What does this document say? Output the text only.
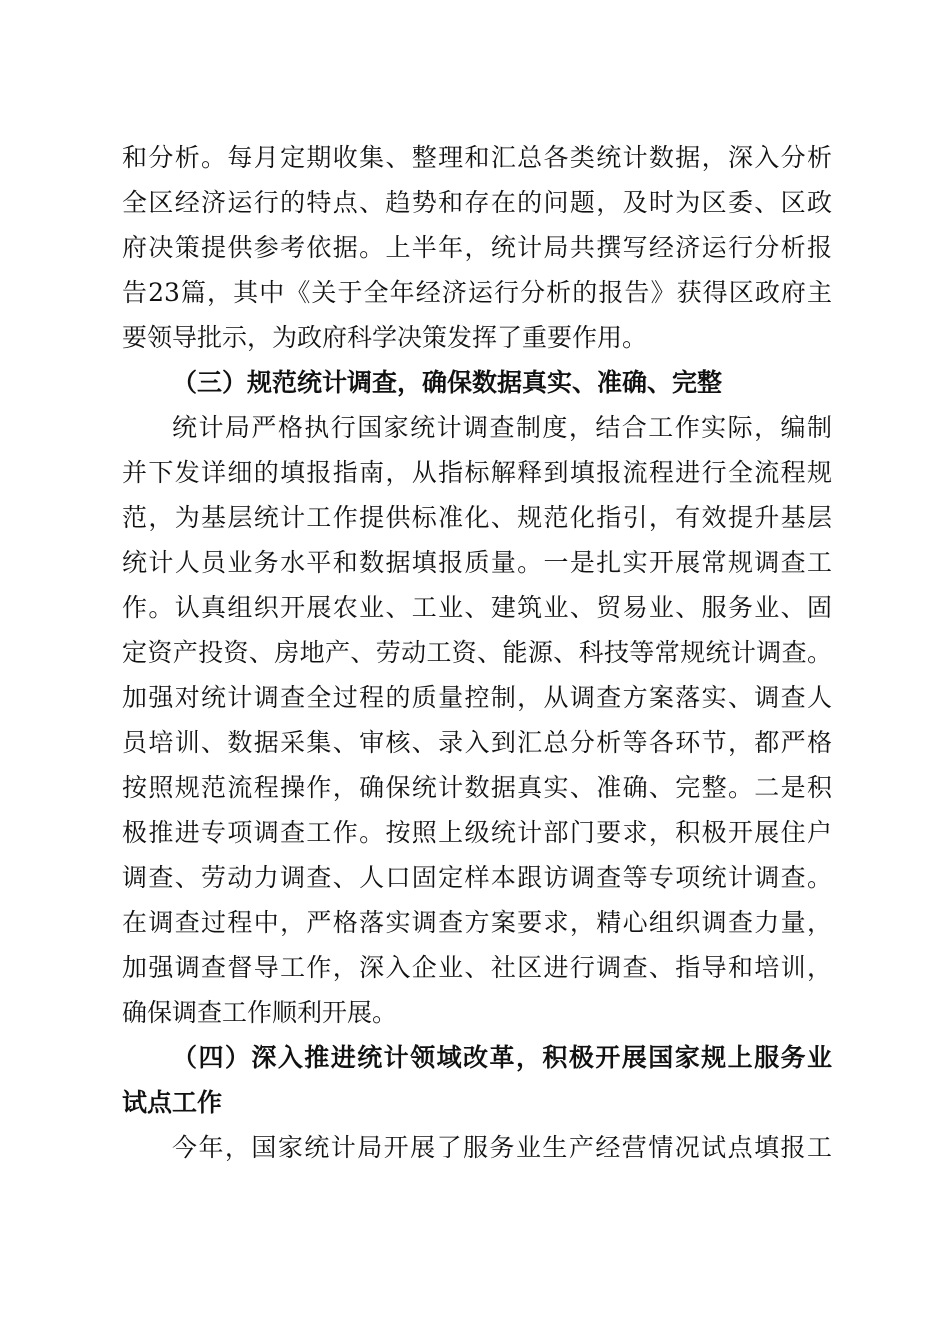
和分析。每月定期收集、整理和汇总各类统计数据，深入分析
全区经济运行的特点、趋势和存在的问题，及时为区委、区政
府决策提供参考依据。上半年，统计局共撰写经济运行分析报
告23篇，其中《关于全年经济运行分析的报告》获得区政府主
要领导批示，为政府科学决策发挥了重要作用。
（三）规范统计调查，确保数据真实、准确、完整
统计局严格执行国家统计调查制度，结合工作实际，编制
并下发详细的填报指南，从指标解释到填报流程进行全流程规
范，为基层统计工作提供标准化、规范化指引，有效提升基层
统计人员业务水平和数据填报质量。一是扎实开展常规调查工
作。认真组织开展农业、工业、建筑业、贸易业、服务业、固
定资产投资、房地产、劳动工资、能源、科技等常规统计调查。
加强对统计调查全过程的质量控制，从调查方案落实、调查人
员培训、数据采集、审核、录入到汇总分析等各环节，都严格
按照规范流程操作，确保统计数据真实、准确、完整。二是积
极推进专项调查工作。按照上级统计部门要求，积极开展住户
调查、劳动力调查、人口固定样本跟访调查等专项统计调查。
在调查过程中，严格落实调查方案要求，精心组织调查力量，
加强调查督导工作，深入企业、社区进行调查、指导和培训，
确保调查工作顺利开展。
（四）深入推进统计领域改革，积极开展国家规上服务业
试点工作
今年，国家统计局开展了服务业生产经营情况试点填报工
